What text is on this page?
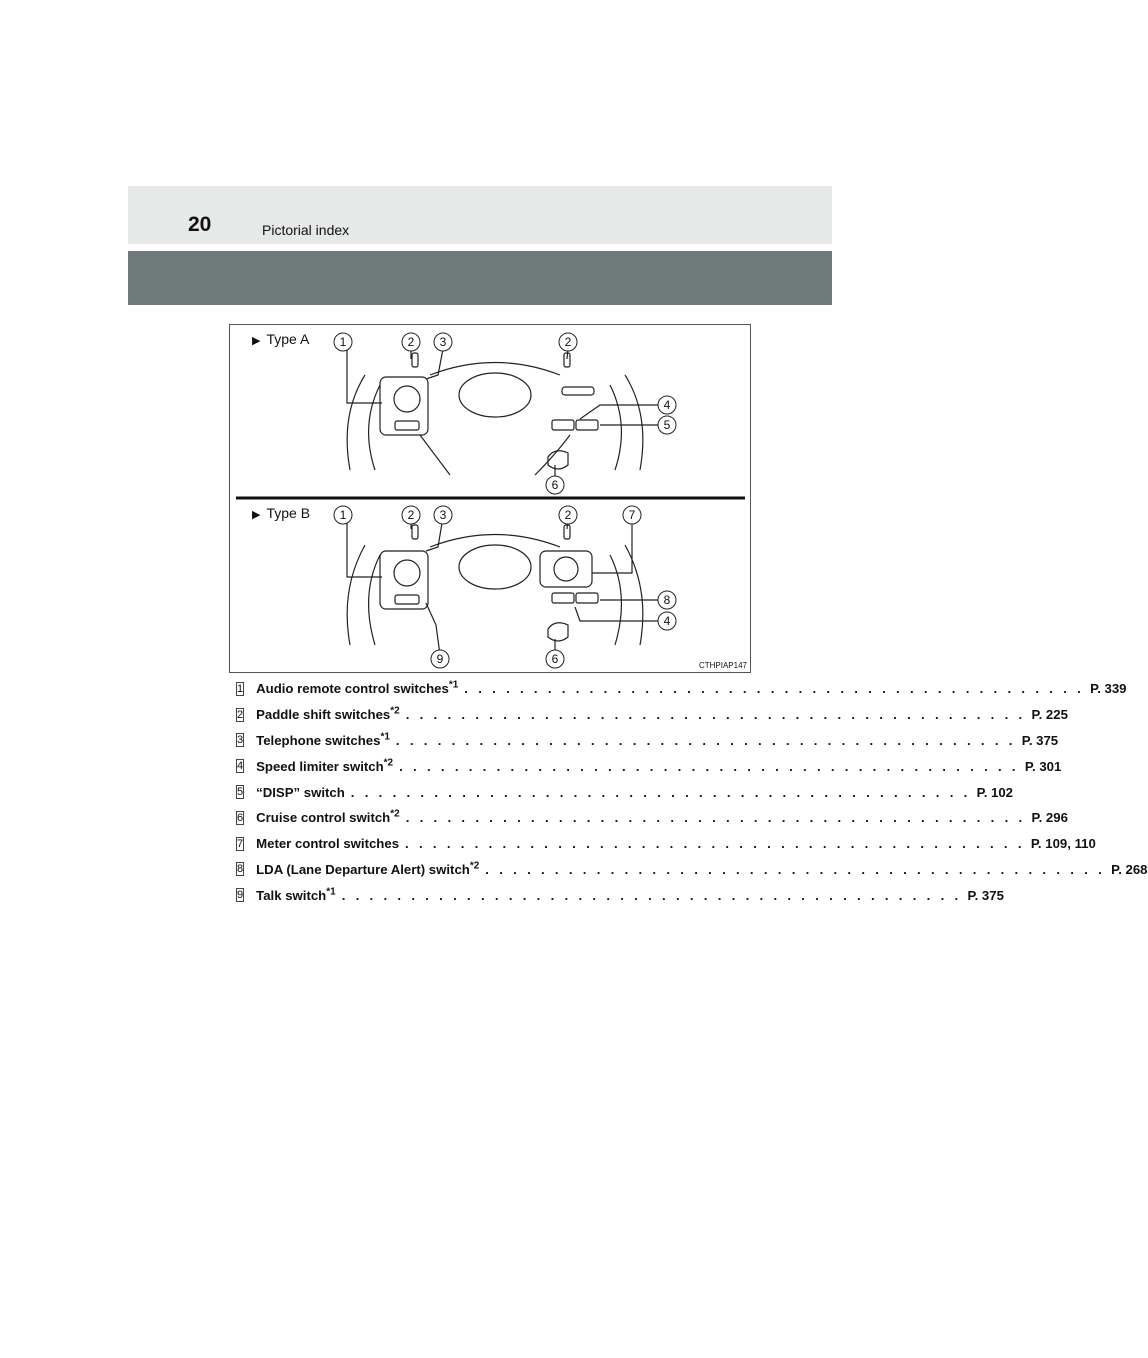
20	Pictorial index
1	2 3	2
4
5
6
1	2 3	2	7
8
4
9	6
▶ Type A
▶ Type B
CTHPIAP147
1 Audio remote control switches$^{*1}$ . . . . . . . . . . . . . . . . . . . . . . . . . . . . . . . . . . . . . . . . . . . . . P. 339
2 Paddle shift switches$^{*2}$ . . . . . . . . . . . . . . . . . . . . . . . . . . . . . . . . . . . . . . . . . . . . . P. 225
3 Telephone switches$^{*1}$ . . . . . . . . . . . . . . . . . . . . . . . . . . . . . . . . . . . . . . . . . . . . . P. 375
4 Speed limiter switch$^{*2}$ . . . . . . . . . . . . . . . . . . . . . . . . . . . . . . . . . . . . . . . . . . . . . P. 301
5 “DISP” switch . . . . . . . . . . . . . . . . . . . . . . . . . . . . . . . . . . . . . . . . . . . . . P. 102
6 Cruise control switch$^{*2}$ . . . . . . . . . . . . . . . . . . . . . . . . . . . . . . . . . . . . . . . . . . . . . P. 296
7 Meter control switches . . . . . . . . . . . . . . . . . . . . . . . . . . . . . . . . . . . . . . . . . . . . . P. 109, 110
8 LDA (Lane Departure Alert) switch$^{*2}$ . . . . . . . . . . . . . . . . . . . . . . . . . . . . . . . . . . . . . . . . . . . . . P. 268
9 Talk switch$^{*1}$ . . . . . . . . . . . . . . . . . . . . . . . . . . . . . . . . . . . . . . . . . . . . . P. 375
